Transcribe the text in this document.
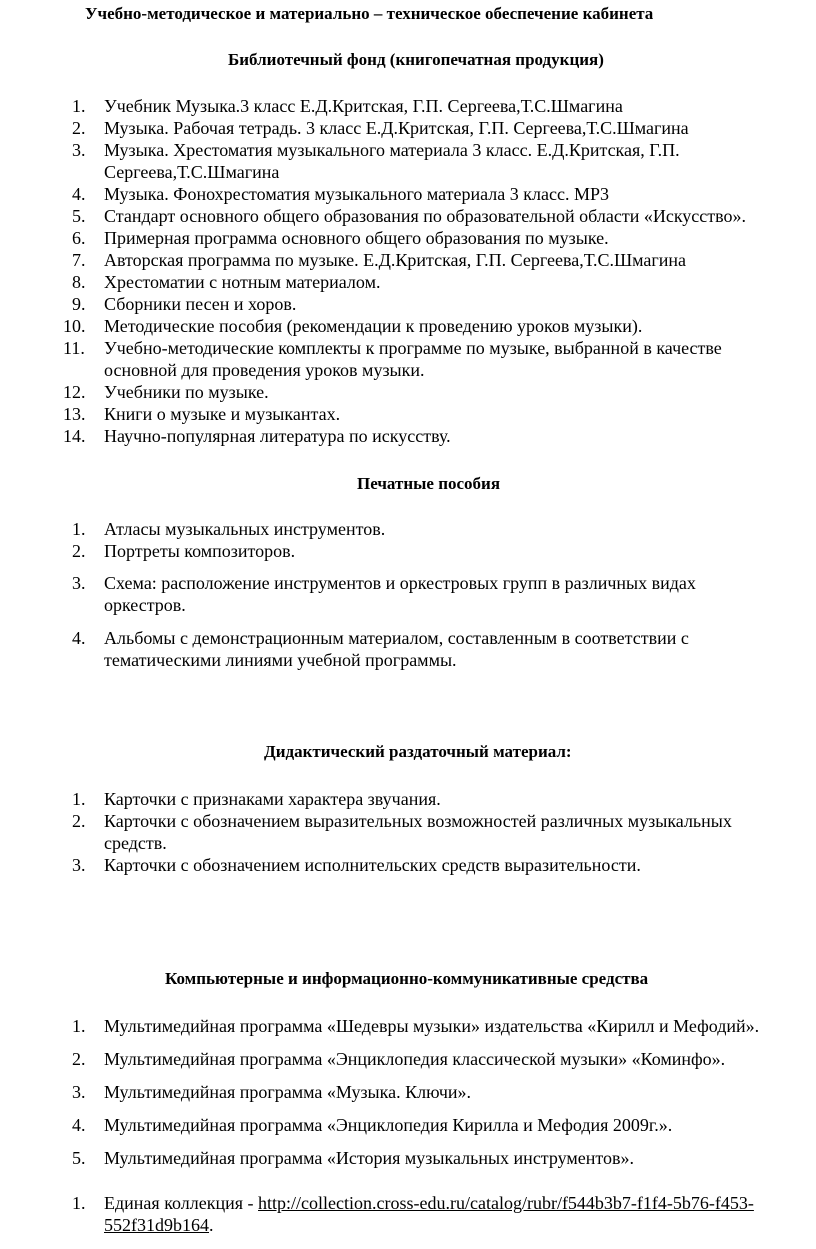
Учебно-методическое и материально – техническое обеспечение кабинета
Библиотечный фонд (книгопечатная продукция)
1. Учебник Музыка.3 класс Е.Д.Критская, Г.П. Сергеева,Т.С.Шмагина
2. Музыка. Рабочая тетрадь. 3 класс Е.Д.Критская, Г.П. Сергеева,Т.С.Шмагина
3. Музыка. Хрестоматия музыкального материала 3 класс. Е.Д.Критская, Г.П.
Сергеева,Т.С.Шмагина
4. Музыка. Фонохрестоматия музыкального материала 3 класс. МР3
5. Стандарт основного общего образования по образовательной области «Искусство».
6. Примерная программа основного общего образования по музыке.
7. Авторская программа по музыке. Е.Д.Критская, Г.П. Сергеева,Т.С.Шмагина
8. Хрестоматии с нотным материалом.
9. Сборники песен и хоров.
10. Методические пособия (рекомендации к проведению уроков музыки).
11. Учебно-методические комплекты к программе по музыке, выбранной в качестве
основной для проведения уроков музыки.
12. Учебники по музыке.
13. Книги о музыке и музыкантах.
14. Научно-популярная литература по искусству.
Печатные пособия
1. Атласы музыкальных инструментов.
2. Портреты композиторов.
3. Схема: расположение инструментов и оркестровых групп в различных видах
оркестров.
4. Альбомы с демонстрационным материалом, составленным в соответствии с
тематическими линиями учебной программы.
Дидактический раздаточный материал:
1. Карточки с признаками характера звучания.
2. Карточки с обозначением выразительных возможностей различных музыкальных
средств.
3. Карточки с обозначением исполнительских средств выразительности.
Компьютерные и информационно-коммуникативные средства
1. Мультимедийная программа «Шедевры музыки» издательства «Кирилл и Мефодий».
2. Мультимедийная программа «Энциклопедия классической музыки» «Коминфо».
3. Мультимедийная программа «Музыка. Ключи».
4. Мультимедийная программа «Энциклопедия Кирилла и Мефодия 2009г.».
5. Мультимедийная программа «История музыкальных инструментов».
1. Единая коллекция - http://collection.cross-edu.ru/catalog/rubr/f544b3b7-f1f4-5b76-f453-
552f31d9b164.
